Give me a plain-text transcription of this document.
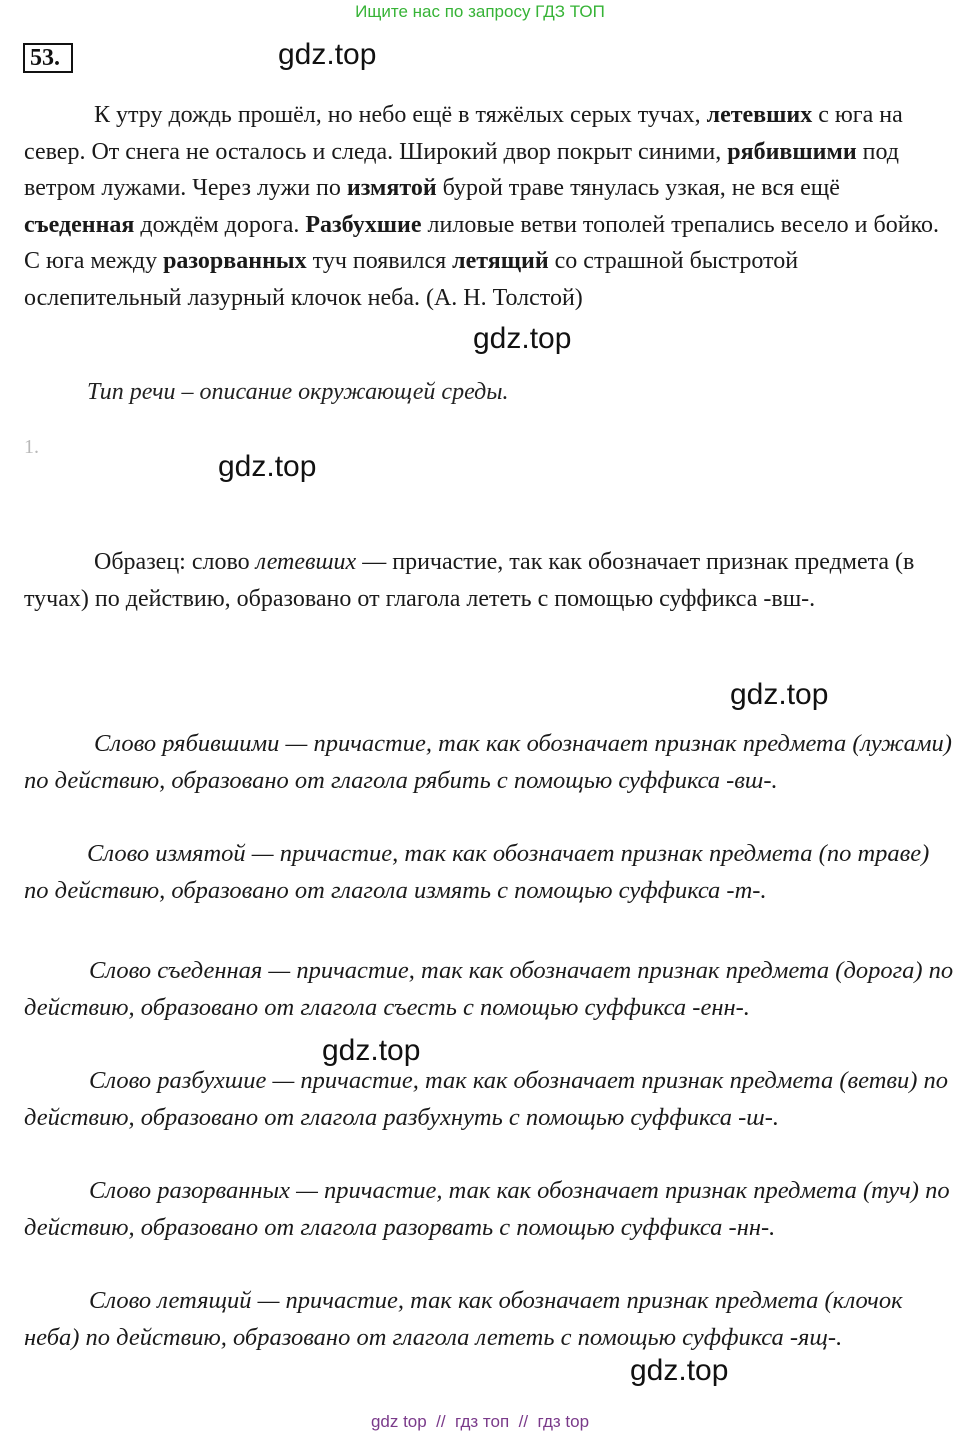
Ищите нас по запросу ГДЗ ТОП
53.	gdz.top

К утру дождь прошёл, но небо ещё в тяжёлых серых тучах, летевших с юга на север. От снега не осталось и следа. Широкий двор покрыт синими, рябившими под ветром лужами. Через лужи по измятой бурой траве тянулась узкая, не вся ещё съеденная дождём дорога. Разбухшие лиловые ветви тополей трепались весело и бойко. С юга между разорванных туч появился летящий со страшной быстротой ослепительный лазурный клочок неба. (А. Н. Толстой)

gdz.top
Тип речи – описание окружающей среды.
1.
gdz.top

Образец: слово летевших — причастие, так как обозначает признак предмета (в тучах) по действию, образовано от глагола лететь с помощью суффикса -вш-.

gdz.top
Слово рябившими — причастие, так как обозначает признак предмета (лужами) по действию, образовано от глагола рябить с помощью суффикса -вш-.
Слово измятой — причастие, так как обозначает признак предмета (по траве) по действию, образовано от глагола измять с помощью суффикса -т-.
Слово съеденная — причастие, так как обозначает признак предмета (дорога) по действию, образовано от глагола съесть с помощью суффикса -енн-.
gdz.top
Слово разбухшие — причастие, так как обозначает признак предмета (ветви) по действию, образовано от глагола разбухнуть с помощью суффикса -ш-.
Слово разорванных — причастие, так как обозначает признак предмета (туч) по действию, образовано от глагола разорвать с помощью суффикса -нн-.
Слово летящий — причастие, так как обозначает признак предмета (клочок неба) по действию, образовано от глагола лететь с помощью суффикса -ящ-.
gdz.top
gdz top  //  гдз топ  //  гдз top
